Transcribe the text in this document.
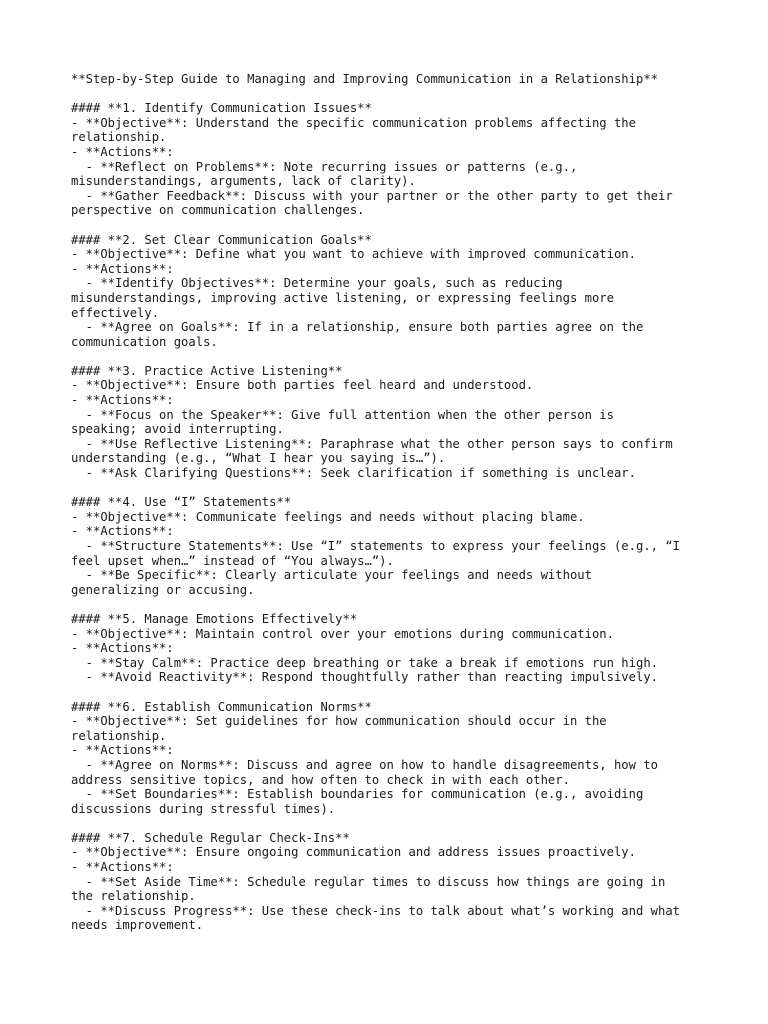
**Step-by-Step Guide to Managing and Improving Communication in a Relationship**

#### **1. Identify Communication Issues**

- **Objective**: Understand the specific communication problems affecting the

relationship.

- **Actions**:

- **Reflect on Problems**: Note recurring issues or patterns (e.g.,

misunderstandings, arguments, lack of clarity).

- **Gather Feedback**: Discuss with your partner or the other party to get their

perspective on communication challenges.

#### **2. Set Clear Communication Goals**

- **Objective**: Define what you want to achieve with improved communication.

- **Actions**:

- **Identify Objectives**: Determine your goals, such as reducing

misunderstandings, improving active listening, or expressing feelings more

effectively.

- **Agree on Goals**: If in a relationship, ensure both parties agree on the

communication goals.

#### **3. Practice Active Listening**

- **Objective**: Ensure both parties feel heard and understood.

- **Actions**:

- **Focus on the Speaker**: Give full attention when the other person is

speaking; avoid interrupting.

- **Use Reflective Listening**: Paraphrase what the other person says to confirm

understanding (e.g., “What I hear you saying is…”).

- **Ask Clarifying Questions**: Seek clarification if something is unclear.

#### **4. Use “I” Statements**

- **Objective**: Communicate feelings and needs without placing blame.

- **Actions**:

- **Structure Statements**: Use “I” statements to express your feelings (e.g., “I

feel upset when…” instead of “You always…”).

- **Be Specific**: Clearly articulate your feelings and needs without

generalizing or accusing.

#### **5. Manage Emotions Effectively**

- **Objective**: Maintain control over your emotions during communication.

- **Actions**:

- **Stay Calm**: Practice deep breathing or take a break if emotions run high.

- **Avoid Reactivity**: Respond thoughtfully rather than reacting impulsively.

#### **6. Establish Communication Norms**

- **Objective**: Set guidelines for how communication should occur in the

relationship.

- **Actions**:

- **Agree on Norms**: Discuss and agree on how to handle disagreements, how to

address sensitive topics, and how often to check in with each other.

- **Set Boundaries**: Establish boundaries for communication (e.g., avoiding

discussions during stressful times).

#### **7. Schedule Regular Check-Ins**

- **Objective**: Ensure ongoing communication and address issues proactively.

- **Actions**:

- **Set Aside Time**: Schedule regular times to discuss how things are going in

the relationship.

- **Discuss Progress**: Use these check-ins to talk about what’s working and what

needs improvement.
